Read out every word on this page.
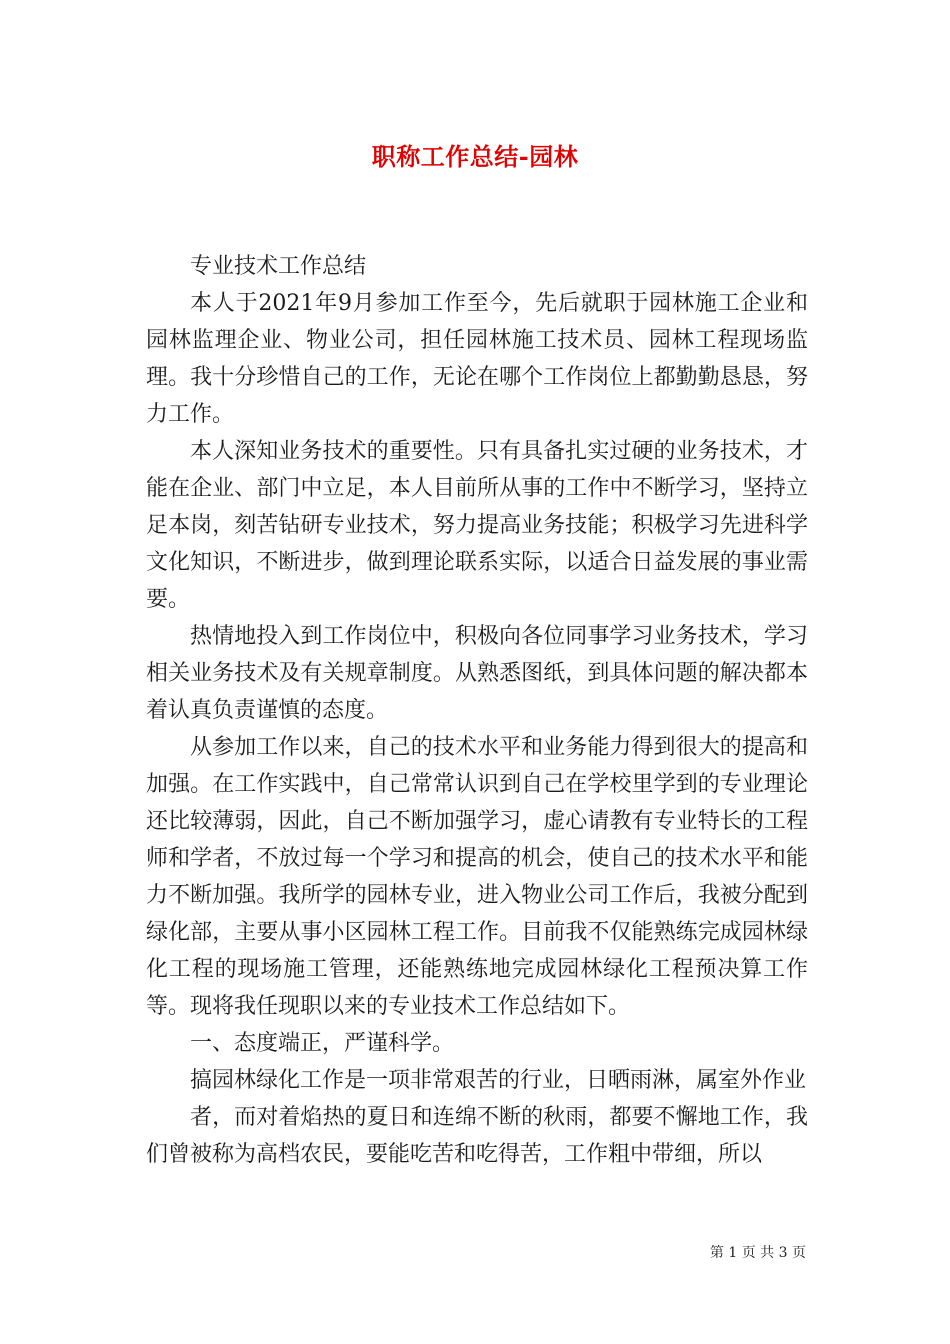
职称工作总结-园林

专业技术工作总结

本人于2021年9月参加工作至今，先后就职于园林施工企业和园林监理企业、物业公司，担任园林施工技术员、园林工程现场监理。我十分珍惜自己的工作，无论在哪个工作岗位上都勤勤恳恳，努力工作。

本人深知业务技术的重要性。只有具备扎实过硬的业务技术，才能在企业、部门中立足，本人目前所从事的工作中不断学习，坚持立足本岗，刻苦钻研专业技术，努力提高业务技能；积极学习先进科学文化知识，不断进步，做到理论联系实际，以适合日益发展的事业需要。

热情地投入到工作岗位中，积极向各位同事学习业务技术，学习相关业务技术及有关规章制度。从熟悉图纸，到具体问题的解决都本着认真负责谨慎的态度。

从参加工作以来，自己的技术水平和业务能力得到很大的提高和加强。在工作实践中，自己常常认识到自己在学校里学到的专业理论还比较薄弱，因此，自己不断加强学习，虚心请教有专业特长的工程师和学者，不放过每一个学习和提高的机会，使自己的技术水平和能力不断加强。我所学的园林专业，进入物业公司工作后，我被分配到绿化部，主要从事小区园林工程工作。目前我不仅能熟练完成园林绿化工程的现场施工管理，还能熟练地完成园林绿化工程预决算工作等。现将我任现职以来的专业技术工作总结如下。

一、态度端正，严谨科学。

搞园林绿化工作是一项非常艰苦的行业，日晒雨淋，属室外作业

者，而对着焰热的夏日和连绵不断的秋雨，都要不懈地工作，我们曾被称为高档农民，要能吃苦和吃得苦，工作粗中带细，所以

第 1 页 共 3 页
